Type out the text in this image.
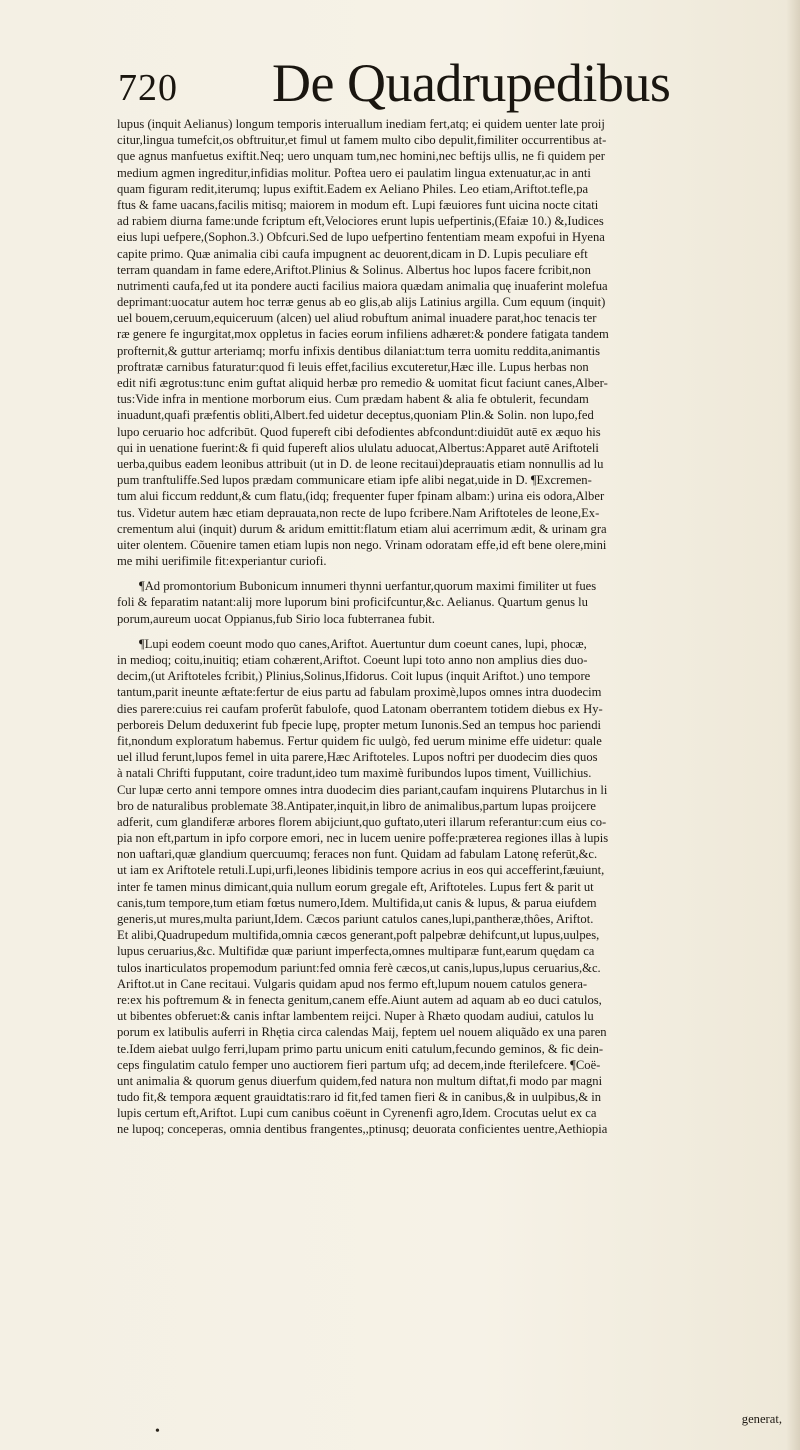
720 De Quadrupedibus
lupus (inquit Aelianus) longum temporis interuallum inediam fert,atq; ei quidem uenter late proij
citur,lingua tumefcit,os obftruitur,et fimul ut famem multo cibo depulit,fimiliter occurrentibus at-
que agnus manfuetus exiftit.Neq; uero unquam tum,nec homini,nec beftijs ullis, ne fi quidem per
medium agmen ingreditur,infidias molitur. Poftea uero ei paulatim lingua extenuatur,ac in anti
quam figuram redit,iterumq; lupus exiftit.Eadem ex Aeliano Philes. Leo etiam,Ariftot.tefle,pa
ftus & fame uacans,facilis mitisq; maiorem in modum eft. Lupi fæuiores funt uicina nocte citati
ad rabiem diurna fame:unde fcriptum eft,Velociores erunt lupis uefpertinis,(Efaiæ 10.) &,Iudices
eius lupi uefpere,(Sophon.3.) Obfcuri.Sed de lupo uefpertino fententiam meam expofui in Hyena
capite primo. Quæ animalia cibi caufa impugnent ac deuorent,dicam in D. Lupis peculiare eft
terram quandam in fame edere,Ariftot.Plinius & Solinus. Albertus hoc lupos facere fcribit,non
nutrimenti caufa,fed ut ita pondere aucti facilius maiora quædam animalia quę inuaferint molefua
deprimant:uocatur autem hoc terræ genus ab eo glis,ab alijs Latinius argilla. Cum equum (inquit)
uel bouem,ceruum,equiceruum (alcen) uel aliud robuftum animal inuadere parat,hoc tenacis ter
ræ genere fe ingurgitat,mox oppletus in facies eorum infiliens adhæret:& pondere fatigata tandem
profternit,& guttur arteriamq; morfu infixis dentibus dilaniat:tum terra uomitu reddita,animantis
proftratæ carnibus faturatur:quod fi leuis effet,facilius excuteretur,Hæc ille. Lupus herbas non
edit nifi ægrotus:tunc enim guftat aliquid herbæ pro remedio & uomitat ficut faciunt canes,Alber-
tus:Vide infra in mentione morborum eius. Cum prædam habent & alia fe obtulerit, fecundam
inuadunt,quafi præfentis obliti,Albert.fed uidetur deceptus,quoniam Plin.& Solin. non lupo,fed
lupo ceruario hoc adfcribūt. Quod fupereft cibi defodientes abfcondunt:diuidūt autē ex æquo his
qui in uenatione fuerint:& fi quid fupereft alios ululatu aduocat,Albertus:Apparet autē Ariftoteli
uerba,quibus eadem leonibus attribuit (ut in D. de leone recitaui)deprauatis etiam nonnullis ad lu
pum tranftuliffe.Sed lupos prædam communicare etiam ipfe alibi negat,uide in D. ¶Excremen-
tum alui ficcum reddunt,& cum flatu,(idq; frequenter fuper fpinam albam:) urina eis odora,Alber
tus. Videtur autem hæc etiam deprauata,non recte de lupo fcribere.Nam Ariftoteles de leone,Ex-
crementum alui (inquit) durum & aridum emittit:flatum etiam alui acerrimum ædit, & urinam gra
uiter olentem. Cõuenire tamen etiam lupis non nego. Vrinam odoratam effe,id eft bene olere,mini
me mihi uerifimile fit:experiantur curiofi.
¶Ad promontorium Bubonicum innumeri thynni uerfantur,quorum maximi fimiliter ut fues
foli & feparatim natant:alij more luporum bini proficifcuntur,&c. Aelianus. Quartum genus lu
porum,aureum uocat Oppianus,fub Sirio loca fubterranea fubit.
¶Lupi eodem coeunt modo quo canes,Ariftot. Auertuntur dum coeunt canes, lupi, phocæ,
in medioq; coitu,inuitiq; etiam cohærent,Ariftot. Coeunt lupi toto anno non amplius dies duo-
decim,(ut Ariftoteles fcribit,) Plinius,Solinus,Ifidorus. Coit lupus (inquit Ariftot.) uno tempore
tantum,parit ineunte æftate:fertur de eius partu ad fabulam proximè,lupos omnes intra duodecim
dies parere:cuius rei caufam proferũt fabulofe, quod Latonam oberrantem totidem diebus ex Hy-
perboreis Delum deduxerint fub fpecie lupę, propter metum Iunonis.Sed an tempus hoc pariendi
fit,nondum exploratum habemus. Fertur quidem fic uulgò, fed uerum minime effe uidetur: quale
uel illud ferunt,lupos femel in uita parere,Hæc Ariftoteles. Lupos noftri per duodecim dies quos
à natali Chrifti fupputant, coire tradunt,ideo tum maximè furibundos lupos timent, Vuillichius.
Cur lupæ certo anni tempore omnes intra duodecim dies pariant,caufam inquirens Plutarchus in li
bro de naturalibus problemate 38.Antipater,inquit,in libro de animalibus,partum lupas proijcere
adferit, cum glandiferæ arbores florem abijciunt,quo guftato,uteri illarum referantur:cum eius co-
pia non eft,partum in ipfo corpore emori, nec in lucem uenire poffe:præterea regiones illas à lupis
non uaftari,quæ glandium quercuumq; feraces non funt. Quidam ad fabulam Latonę referūt,&c.
ut iam ex Ariftotele retuli.Lupi,urfi,leones libidinis tempore acrius in eos qui accefferint,fæuiunt,
inter fe tamen minus dimicant,quia nullum eorum gregale eft, Ariftoteles. Lupus fert & parit ut
canis,tum tempore,tum etiam fœtus numero,Idem. Multifida,ut canis & lupus, & parua eiufdem
generis,ut mures,multa pariunt,Idem. Cæcos pariunt catulos canes,lupi,pantheræ,thôes, Ariftot.
Et alibi,Quadrupedum multifida,omnia cæcos generant,poft palpebræ dehifcunt,ut lupus,uulpes,
lupus ceruarius,&c. Multifidæ quæ pariunt imperfecta,omnes multiparæ funt,earum quędam ca
tulos inarticulatos propemodum pariunt:fed omnia ferè cæcos,ut canis,lupus,lupus ceruarius,&c.
Ariftot.ut in Cane recitaui. Vulgaris quidam apud nos fermo eft,lupum nouem catulos genera-
re:ex his poftremum & in fenecta genitum,canem effe.Aiunt autem ad aquam ab eo duci catulos,
ut bibentes obferuet:& canis inftar lambentem reijci. Nuper à Rhæto quodam audiui, catulos lu
porum ex latibulis auferri in Rhętia circa calendas Maij, feptem uel nouem aliquãdo ex una paren
te.Idem aiebat uulgo ferri,lupam primo partu unicum eniti catulum,fecundo geminos, & fic dein-
ceps fingulatim catulo femper uno auctiorem fieri partum ufq; ad decem,inde fterilefcere. ¶Coë-
unt animalia & quorum genus diuerfum quidem,fed natura non multum diftat,fi modo par magni
tudo fit,& tempora æquent grauidtatis:raro id fit,fed tamen fieri & in canibus,& in uulpibus,& in
lupis certum eft,Ariftot. Lupi cum canibus coëunt in Cyrenenfi agro,Idem. Crocutas uelut ex ca
ne lupoq; conceperas, omnia dentibus frangentes,,ptinusq; deuorata conficientes uentre,Aethiopia
•
generat,
